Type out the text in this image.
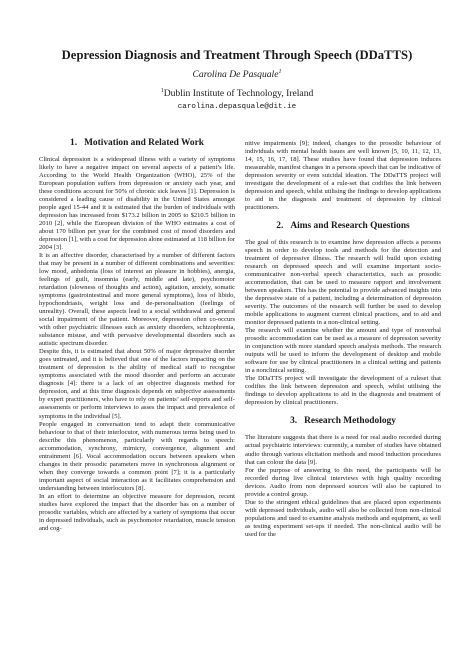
Depression Diagnosis and Treatment Through Speech (DDaTTS)
Carolina De Pasquale$^1$
$^1$Dublin Institute of Technology, Ireland
carolina.depasquale@dit.ie
1. Motivation and Related Work

Clinical depression is a widespread illness with a variety of symptoms likely to have a negative impact on several aspects of a patient’s life. According to the World Health Organization (WHO), 25% of the European population suffers from depression or anxiety each year, and these conditions account for 50% of chronic sick leaves [1]. Depression is considered a leading cause of disability in the United States amongst people aged 15-44 and it is estimated that the burden of individuals with depression has increased from $173.2 billion in 2005 to $210.5 billion in 2010 [2], while the European division of the WHO estimates a cost of about 170 billion per year for the combined cost of mood disorders and depression [1], with a cost for depression alone estimated at 118 billion for 2004 [3].

It is an affective disorder, characterised by a number of different factors that may be present in a number of different combinations and severities: low mood, anhedonia (loss of interest an pleasure in hobbies), anergia, feelings of guilt, insomnia (early, middle and late), psychomotor retardation (slowness of thoughts and action), agitation, anxiety, somatic symptoms (gastrointestinal and more general symptoms), loss of libido, hypochondriasis, weight loss and de-personalisation (feelings of unreality). Overall, these aspects lead to a social withdrawal and general social impairment of the patient. Moreover, depression often co-occurs with other psychiatric illnesses such as anxiety disorders, schizophrenia, substance misuse, and with pervasive developmental disorders such as autistic spectrum disorder.

Despite this, it is estimated that about 50% of major depressive disorder goes untreated, and it is believed that one of the factors impacting on the treatment of depression is the ability of medical staff to recognise symptoms associated with the mood disorder and perform an accurate diagnosis [4]: there is a lack of an objective diagnosis method for depression, and at this time diagnosis depends on subjective assessments by expert practitioners, who have to rely on patients’ self-reports and self-assessments or perform interviews to asses the impact and prevalence of symptoms in the individual [5].

People engaged in conversation tend to adapt their communicative behaviour to that of their interlocutor, with numerous terms being used to describe this phenomenon, particularly with regards to speech: accommodation, synchrony, mimicry, convergence, alignment and entrainment [6]. Vocal accommodation occurs between speakers when changes in their prosodic parameters move in synchronous alignment or when they converge towards a common point [7]; it is a particularly important aspect of social interaction as it facilitates comprehension and understanding between interlocutors [8].

In an effort to determine an objective measure for depression, recent studies have explored the impact that the disorder has on a number of prosodic variables, which are affected by a variety of symptoms that occur in depressed individuals, such as psychomotor retardation, muscle tension and cog-

nitive impairments [9]; indeed, changes to the prosodic behaviour of individuals with mental health issues are well known [5, 10, 11, 12, 13, 14, 15, 16, 17, 18]. These studies have found that depression induces measurable, manifest changes in a persons speech that can be indicative of depression severity or even suicidal ideation. The DDaTTS project will investigate the development of a rule-set that codifies the link between depression and speech, whilst utilising the findings to develop applications to aid in the diagnosis and treatment of depression by clinical practitioners.

2. Aims and Research Questions

The goal of this research is to examine how depression affects a persons speech in order to develop tools and methods for the detection and treatment of depressive illness. The research will build upon existing research on depressed speech and will examine important socio-communicative non-verbal speech characteristics, such as prosodic accommodation, that can be used to measure rapport and involvement between speakers. This has the potential to provide advanced insights into the depressive state of a patient, including a determination of depression severity. The outcomes of the research will further be used to develop mobile applications to augment current clinical practices, and to aid and monitor depressed patients in a non-clinical setting.

The research will examine whether the amount and type of nonverbal prosodic accommodation can be used as a measure of depression severity in conjunction with more standard speech analysis methods. The research outputs will be used to inform the development of desktop and mobile software for use by clinical practitioners in a clinical setting and patients in a nonclinical setting.

The DDaTTS project will investigate the development of a ruleset that codifies the link between depression and speech, whilst utilising the findings to develop applications to aid in the diagnosis and treatment of depression by clinical practitioners.

3. Research Methodology

The literature suggests that there is a need for real audio recorded during actual psychiatric interviews: currently, a number of studies have obtained audio through various elicitation methods and mood induction procedures that can colour the data [9].

For the purpose of answering to this need, the participants will be recorded during live clinical interviews with high quality recording devices. Audio from non depressed sources will also be captured to provide a control group.

Due to the stringent ethical guidelines that are placed upon experiments with depressed individuals, audio will also be collected from non-clinical populations and used to examine analysis methods and equipment, as well as testing experiment set-ups if needed. The non-clinical audio will be used for the
